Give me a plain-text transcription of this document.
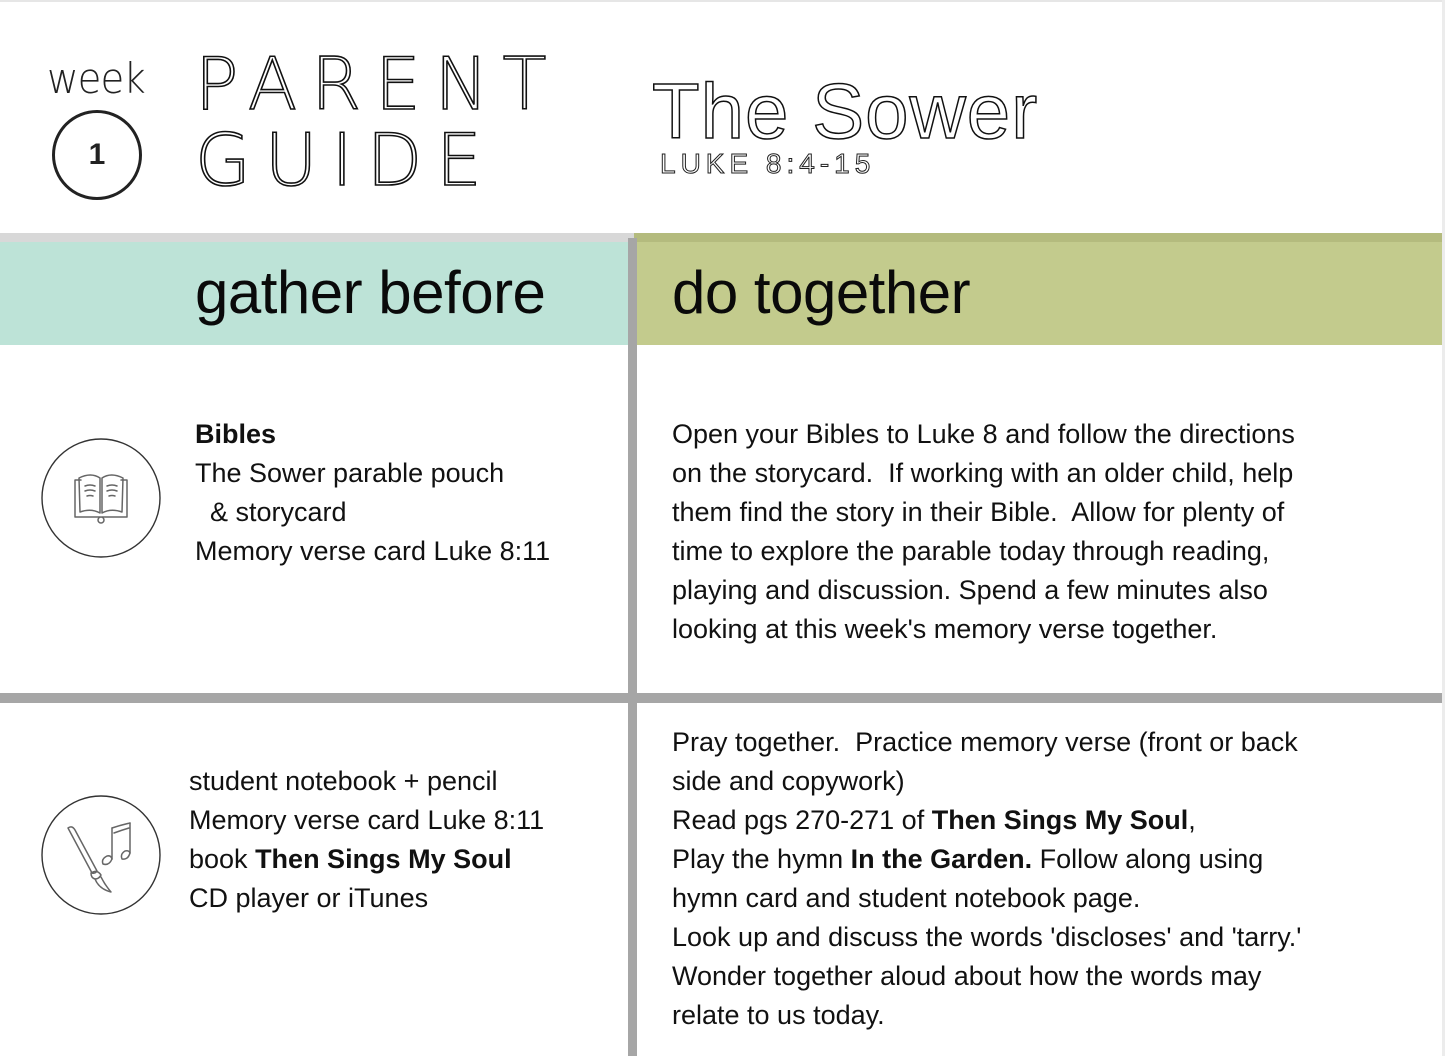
week
1
PARENT
GUIDE
The Sower
LUKE 8:4-15
gather before do together
Bibles
The Sower parable pouch
& storycard
Memory verse card Luke 8:11
Open your Bibles to Luke 8 and follow the directions
on the storycard.  If working with an older child, help
them find the story in their Bible.  Allow for plenty of
time to explore the parable today through reading,
playing and discussion. Spend a few minutes also
looking at this week's memory verse together.
student notebook + pencil
Memory verse card Luke 8:11
book Then Sings My Soul
CD player or iTunes
Pray together.  Practice memory verse (front or back
side and copywork)
Read pgs 270-271 of Then Sings My Soul,
Play the hymn In the Garden. Follow along using
hymn card and student notebook page.
Look up and discuss the words 'discloses' and 'tarry.'
Wonder together aloud about how the words may
relate to us today.
